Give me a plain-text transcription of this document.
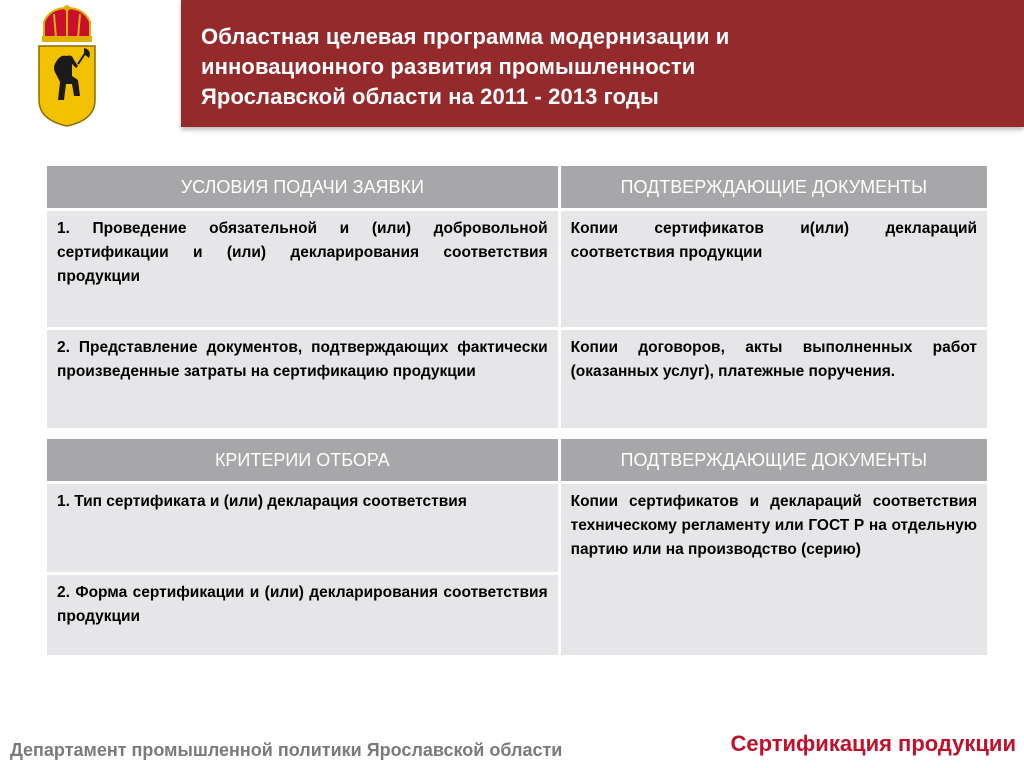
Областная целевая программа модернизации и
инновационного развития промышленности
Ярославской области на 2011 - 2013 годы
УСЛОВИЯ ПОДАЧИ ЗАЯВКИ	ПОДТВЕРЖДАЮЩИЕ ДОКУМЕНТЫ
1. Проведение обязательной и (или) добровольной сертификации и (или) декларирования соответствия продукции	Копии сертификатов и(или) деклараций соответствия продукции
2. Представление документов, подтверждающих фактически произведенные затраты на сертификацию продукции	Копии договоров, акты выполненных работ (оказанных услуг), платежные поручения.
КРИТЕРИИ ОТБОРА	ПОДТВЕРЖДАЮЩИЕ ДОКУМЕНТЫ
1. Тип сертификата и (или) декларация соответствия	Копии сертификатов и деклараций соответствия техническому регламенту или ГОСТ Р на отдельную партию или на производство (серию)
2. Форма сертификации и (или) декларирования соответствия продукции	
Департамент промышленной политики Ярославской области	Сертификация продукции
